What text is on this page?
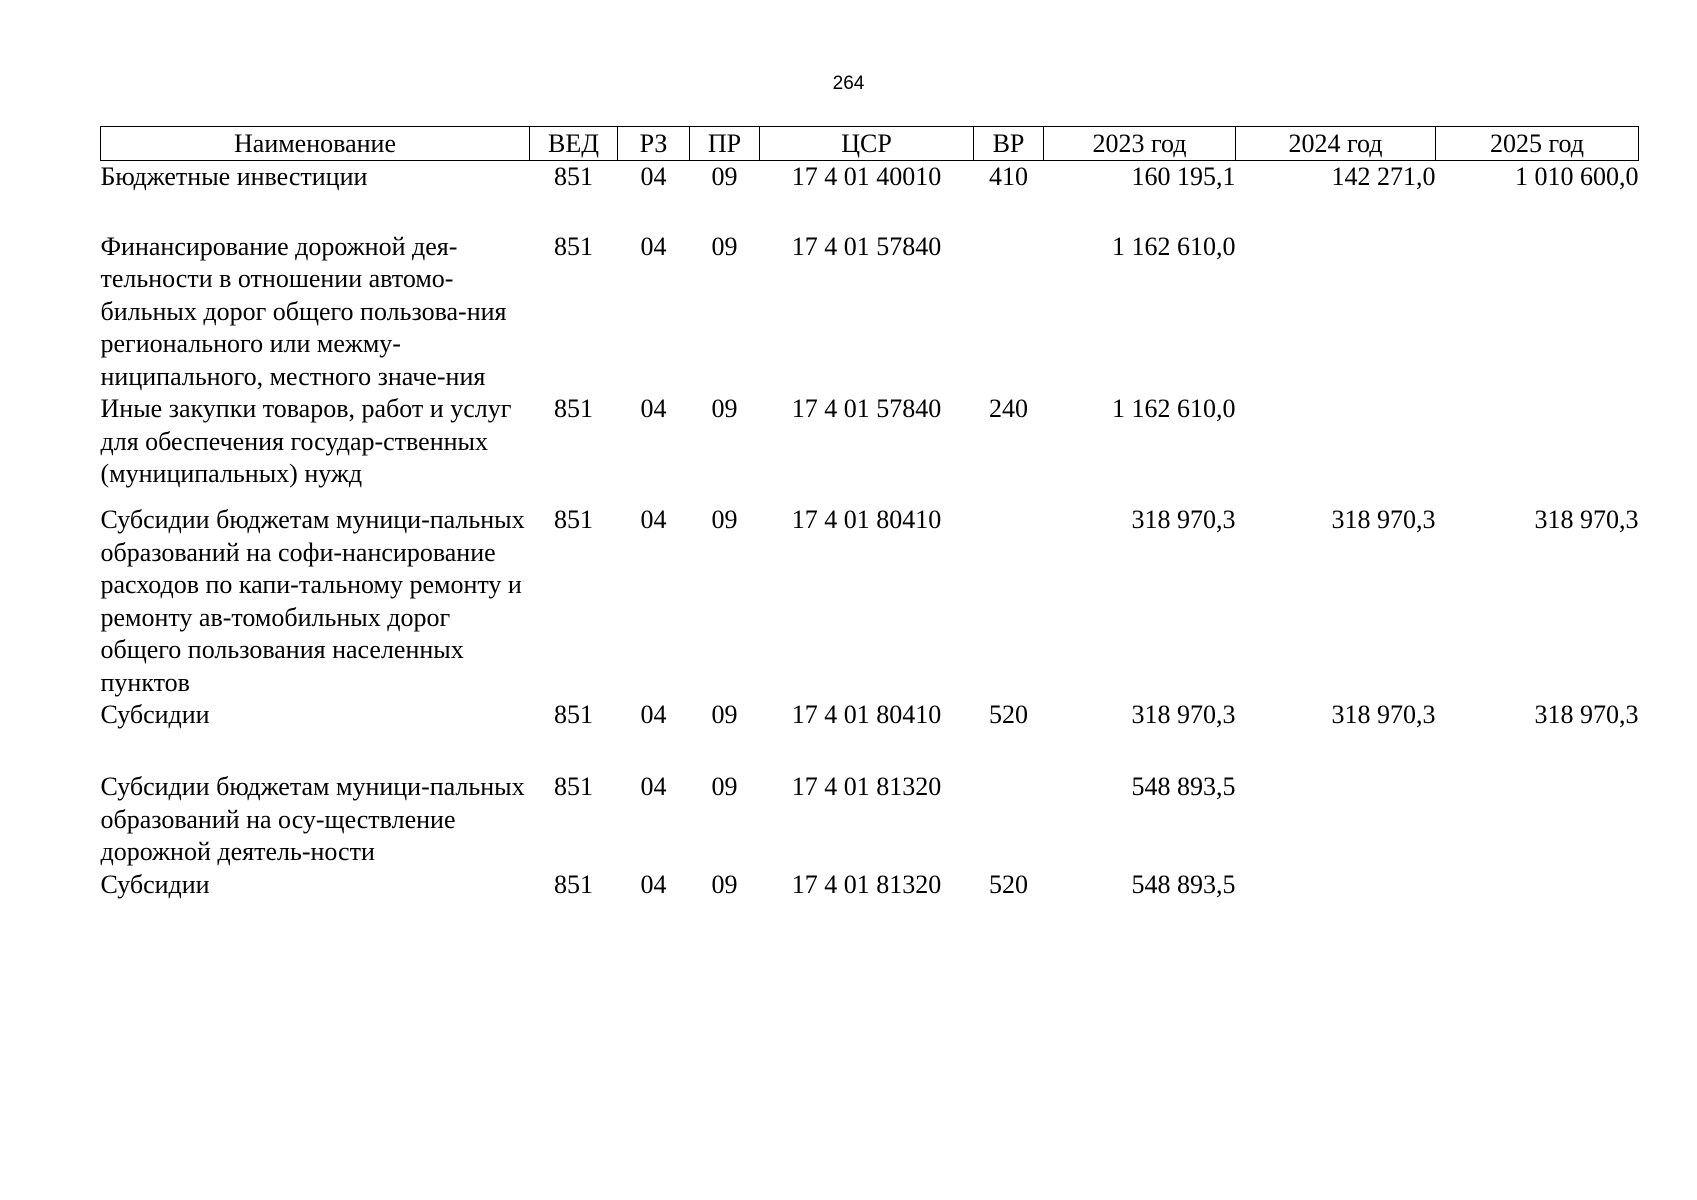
264
Наименование	ВЕД	РЗ	ПР	ЦСР	ВР	2023 год	2024 год	2025 год
Бюджетные инвестиции	851	04	09	17 4 01 40010	410	160 195,1	142 271,0	1 010 600,0
Финансирование дорожной дея-тельности в отношении автомо-бильных дорог общего пользова-ния регионального или межму-ниципального, местного значе-ния	851	04	09	17 4 01 57840		1 162 610,0		
Иные закупки товаров, работ и услуг для обеспечения государ-ственных (муниципальных) нужд	851	04	09	17 4 01 57840	240	1 162 610,0		
Субсидии бюджетам муници-пальных образований на софи-нансирование расходов по капи-тальному ремонту и ремонту ав-томобильных дорог общего пользования населенных пунктов	851	04	09	17 4 01 80410		318 970,3	318 970,3	318 970,3
Субсидии	851	04	09	17 4 01 80410	520	318 970,3	318 970,3	318 970,3
Субсидии бюджетам муници-пальных образований на осу-ществление дорожной деятель-ности	851	04	09	17 4 01 81320		548 893,5		
Субсидии	851	04	09	17 4 01 81320	520	548 893,5		
